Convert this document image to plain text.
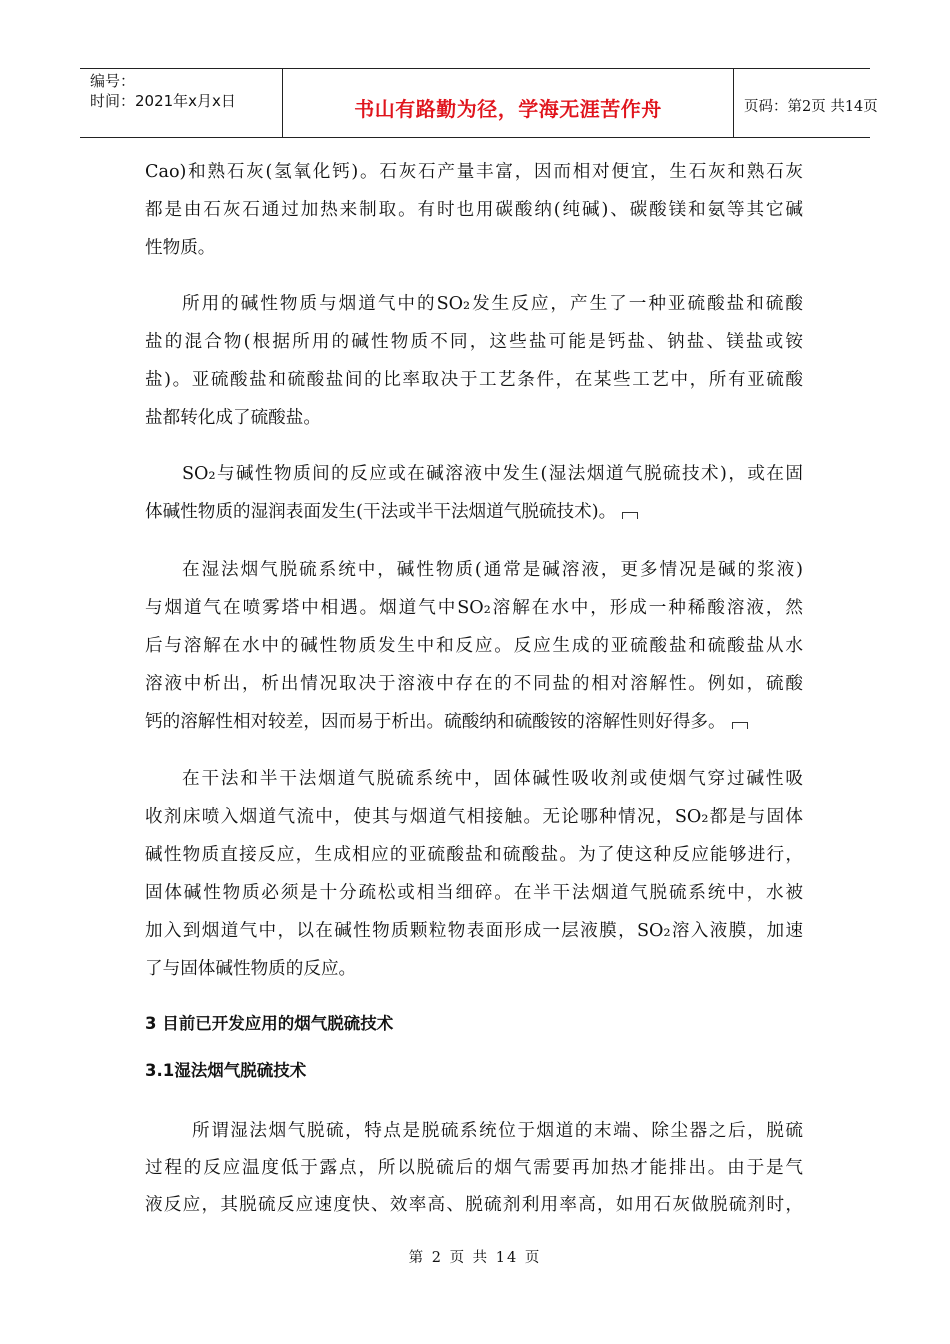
编号：
时间：2021年x月x日	书山有路勤为径，学海无涯苦作舟	页码：第2页 共14页
Cao)和熟石灰(氢氧化钙)。石灰石产量丰富，因而相对便宜，生石灰和熟石灰
都是由石灰石通过加热来制取。有时也用碳酸纳(纯碱)、碳酸镁和氨等其它碱
性物质。
所用的碱性物质与烟道气中的SO₂发生反应，产生了一种亚硫酸盐和硫酸
盐的混合物(根据所用的碱性物质不同，这些盐可能是钙盐、钠盐、镁盐或铵
盐)。亚硫酸盐和硫酸盐间的比率取决于工艺条件，在某些工艺中，所有亚硫酸
盐都转化成了硫酸盐。
SO₂与碱性物质间的反应或在碱溶液中发生(湿法烟道气脱硫技术)，或在固
体碱性物质的湿润表面发生(干法或半干法烟道气脱硫技术)。
在湿法烟气脱硫系统中，碱性物质(通常是碱溶液，更多情况是碱的浆液)
与烟道气在喷雾塔中相遇。烟道气中SO₂溶解在水中，形成一种稀酸溶液，然
后与溶解在水中的碱性物质发生中和反应。反应生成的亚硫酸盐和硫酸盐从水
溶液中析出，析出情况取决于溶液中存在的不同盐的相对溶解性。例如，硫酸
钙的溶解性相对较差，因而易于析出。硫酸纳和硫酸铵的溶解性则好得多。
在干法和半干法烟道气脱硫系统中，固体碱性吸收剂或使烟气穿过碱性吸
收剂床喷入烟道气流中，使其与烟道气相接触。无论哪种情况，SO₂都是与固体
碱性物质直接反应，生成相应的亚硫酸盐和硫酸盐。为了使这种反应能够进行，
固体碱性物质必须是十分疏松或相当细碎。在半干法烟道气脱硫系统中，水被
加入到烟道气中，以在碱性物质颗粒物表面形成一层液膜，SO₂溶入液膜，加速
了与固体碱性物质的反应。
3 目前已开发应用的烟气脱硫技术
3.1湿法烟气脱硫技术
所谓湿法烟气脱硫，特点是脱硫系统位于烟道的末端、除尘器之后，脱硫
过程的反应温度低于露点，所以脱硫后的烟气需要再加热才能排出。由于是气
液反应，其脱硫反应速度快、效率高、脱硫剂利用率高，如用石灰做脱硫剂时，
第 2 页 共 14 页
